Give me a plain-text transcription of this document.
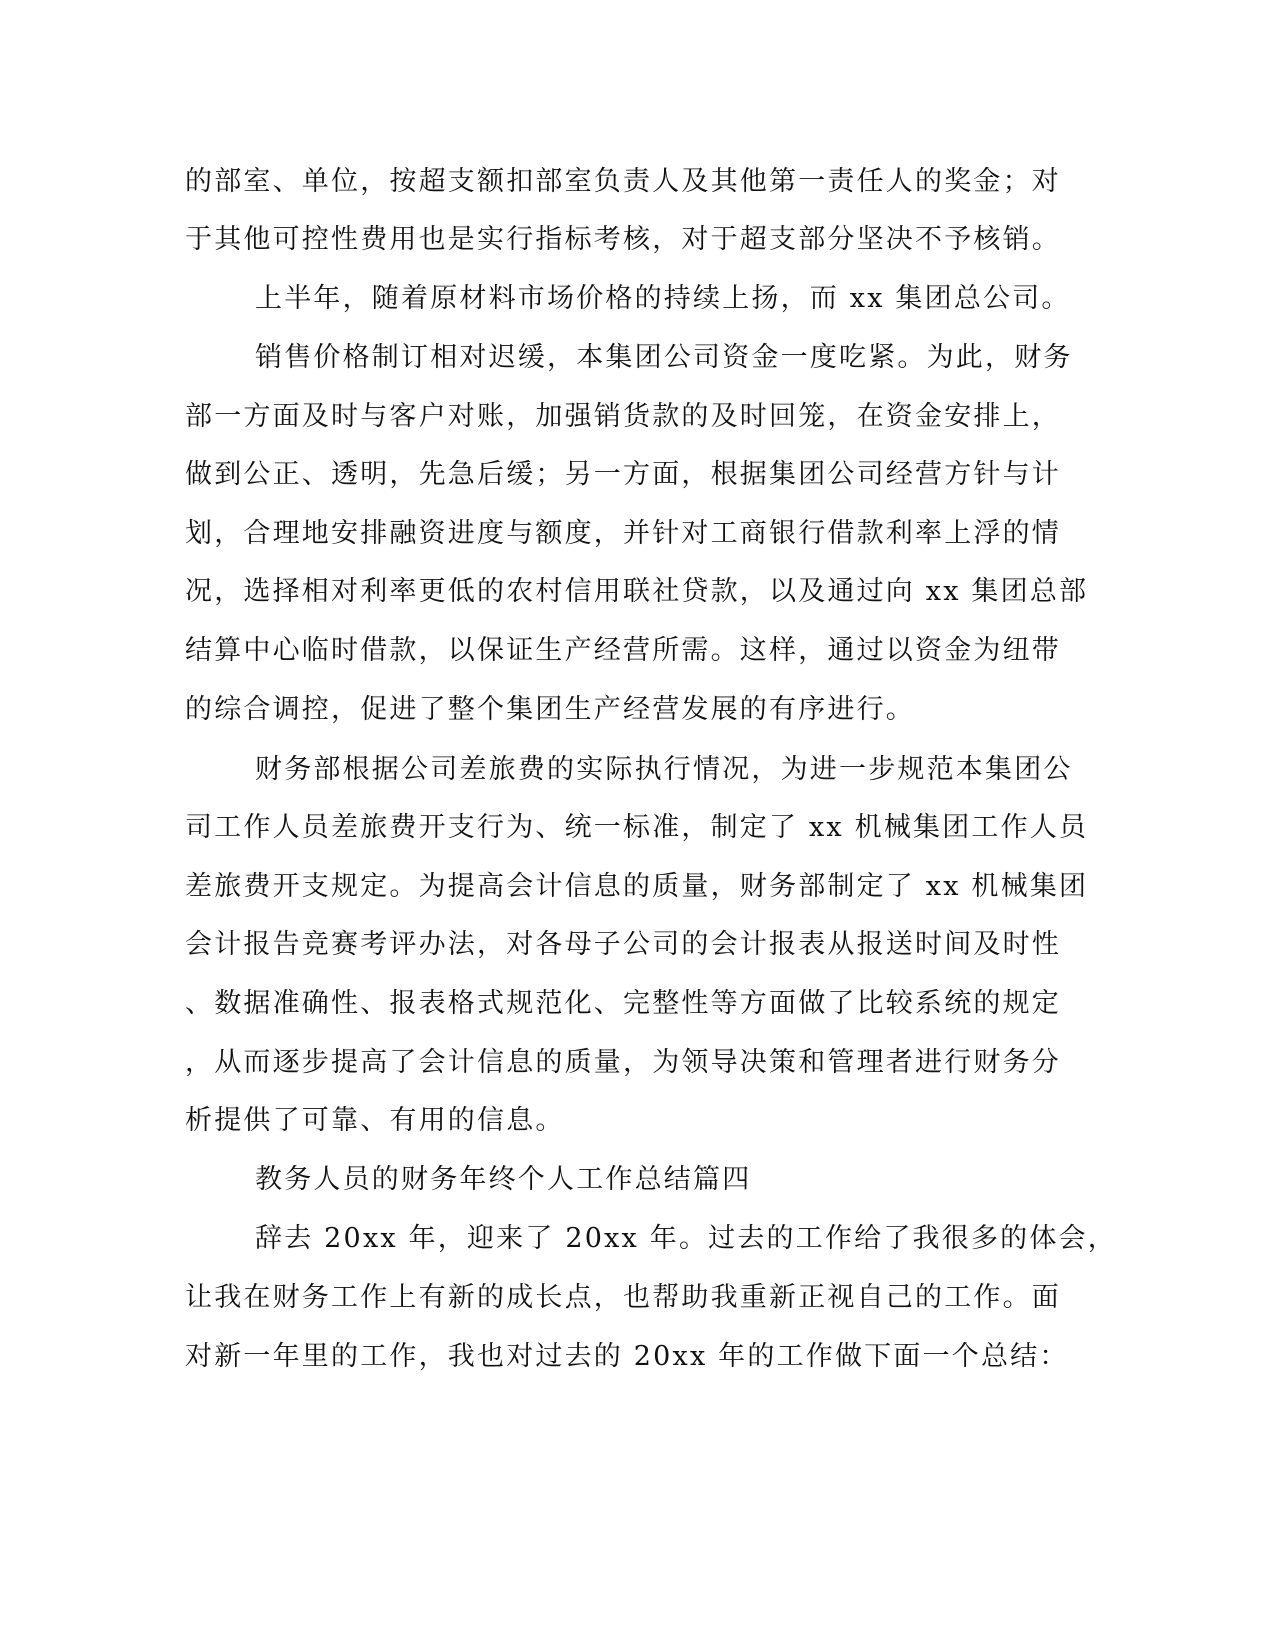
的部室、单位，按超支额扣部室负责人及其他第一责任人的奖金；对
于其他可控性费用也是实行指标考核，对于超支部分坚决不予核销。
上半年，随着原材料市场价格的持续上扬，而 xx 集团总公司。
销售价格制订相对迟缓，本集团公司资金一度吃紧。为此，财务
部一方面及时与客户对账，加强销货款的及时回笼，在资金安排上，
做到公正、透明，先急后缓；另一方面，根据集团公司经营方针与计
划，合理地安排融资进度与额度，并针对工商银行借款利率上浮的情
况，选择相对利率更低的农村信用联社贷款，以及通过向 xx 集团总部
结算中心临时借款，以保证生产经营所需。这样，通过以资金为纽带
的综合调控，促进了整个集团生产经营发展的有序进行。
财务部根据公司差旅费的实际执行情况，为进一步规范本集团公
司工作人员差旅费开支行为、统一标准，制定了 xx 机械集团工作人员
差旅费开支规定。为提高会计信息的质量，财务部制定了 xx 机械集团
会计报告竞赛考评办法，对各母子公司的会计报表从报送时间及时性
、数据准确性、报表格式规范化、完整性等方面做了比较系统的规定
，从而逐步提高了会计信息的质量，为领导决策和管理者进行财务分
析提供了可靠、有用的信息。
教务人员的财务年终个人工作总结篇四
辞去 20xx 年，迎来了 20xx 年。过去的工作给了我很多的体会，
让我在财务工作上有新的成长点，也帮助我重新正视自己的工作。面
对新一年里的工作，我也对过去的 20xx 年的工作做下面一个总结：
